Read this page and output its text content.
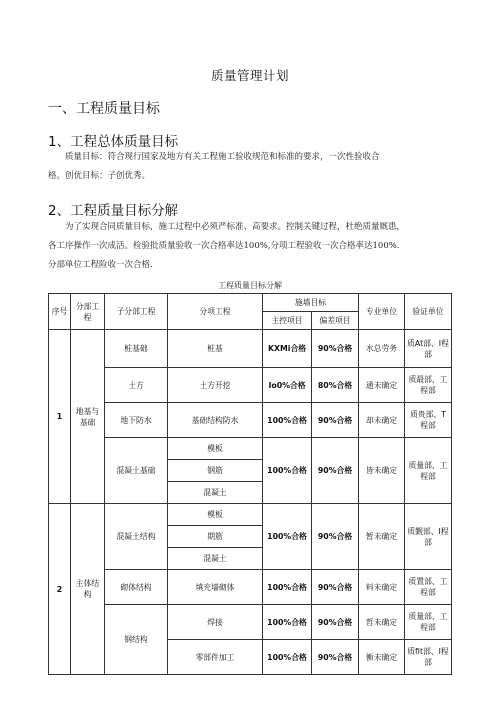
质量管理计划
一、工程质量目标
1、工程总体质量目标

质量目标：符合现行国家及地方有关工程施工验收规范和标准的要求，一次性验收合

格。创优目标：子创优秀。

2、工程质量目标分解

为了实现合同质量目标，施工过程中必须严标准、高要求。控制关键过程，杜绝质量厩患，

各工序操作一次成活。检验批质量验收一次合格率达100%,分项工程验收一次合格率达100%.

分部单位工程险收一次合格.

工程质量目标分解
序号	分部工程	子分部工程	分项工程	施墙目标		专业单位	验证单位
				主控项目	偏差项目		
1	地基与基础	桩基础	桩基	KXMi合格	90%合格	水总劳务	质At部、I程部
		土方	土方开挖	Io0%合格	80%合格	通未确定	质最部、工程部
		地下防水	基础结构防水	100%合格	90%合格	却未确定	质贵部、T程部
		混凝土基础	模板	100%合格	90%合格	皆未确定	质量部、工程部
			钢筋				
			混凝土				
2	主体结构	混凝土结构	模板	100%合格	90%合格	暂未确定	质觐部、I程部
			期筋				
			混凝土				
		砌体结构	填充墙砌体	100%合格	90%合格	料未确定	质置部、工程部
		钢结构	焊接	100%合格	90%合格	哲未确定	质量部、工程部
			零部件加工	100%合格	90%合格	衡未确定	质fit部、I程部
